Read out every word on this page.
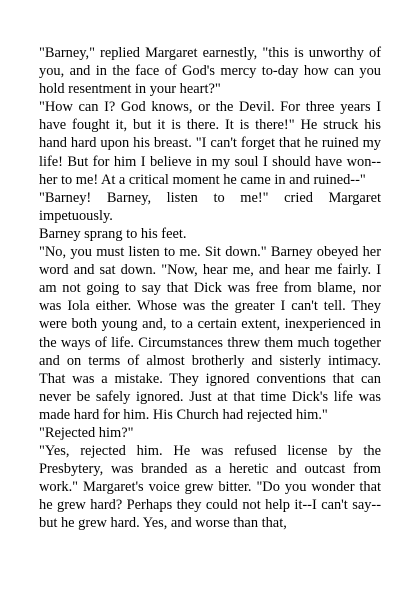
"Barney," replied Margaret earnestly, "this is unworthy of you, and in the face of God's mercy to-day how can you hold resentment in your heart?"

"How can I? God knows, or the Devil. For three years I have fought it, but it is there. It is there!" He struck his hand hard upon his breast. "I can't forget that he ruined my life! But for him I believe in my soul I should have won--her to me! At a critical moment he came in and ruined--"

"Barney! Barney, listen to me!" cried Margaret impetuously.

Barney sprang to his feet.

"No, you must listen to me. Sit down." Barney obeyed her word and sat down. "Now, hear me, and hear me fairly. I am not going to say that Dick was free from blame, nor was Iola either. Whose was the greater I can't tell. They were both young and, to a certain extent, inexperienced in the ways of life. Circumstances threw them much together and on terms of almost brotherly and sisterly intimacy. That was a mistake. They ignored conventions that can never be safely ignored. Just at that time Dick's life was made hard for him. His Church had rejected him."

"Rejected him?"

"Yes, rejected him. He was refused license by the Presbytery, was branded as a heretic and outcast from work." Margaret's voice grew bitter. "Do you wonder that he grew hard? Perhaps they could not help it--I can't say--but he grew hard. Yes, and worse than that,
